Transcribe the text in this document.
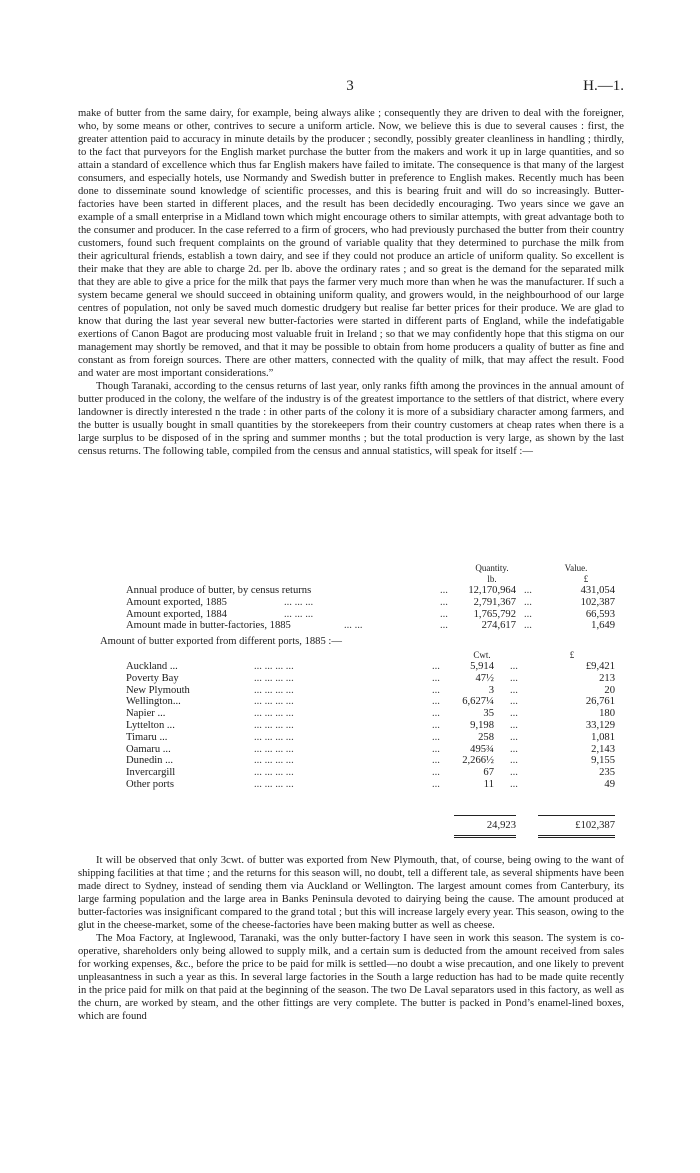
3	H.—1.

make of butter from the same dairy, for example, being always alike ; consequently they are driven to deal with the foreigner, who, by some means or other, contrives to secure a uniform article. Now, we believe this is due to several causes : first, the greater attention paid to accuracy in minute details by the producer ; secondly, possibly greater cleanliness in handling ; thirdly, to the fact that purveyors for the English market purchase the butter from the makers and work it up in large quantities, and so attain a standard of excellence which thus far English makers have failed to imitate. The consequence is that many of the largest consumers, and especially hotels, use Normandy and Swedish butter in preference to English makes. Recently much has been done to disseminate sound knowledge of scientific processes, and this is bearing fruit and will do so increasingly. Butter-factories have been started in different places, and the result has been decidedly encouraging. Two years since we gave an example of a small enterprise in a Midland town which might encourage others to similar attempts, with great advantage both to the consumer and producer. In the case referred to a firm of grocers, who had previously purchased the butter from their country customers, found such frequent complaints on the ground of variable quality that they determined to purchase the milk from their agricultural friends, establish a town dairy, and see if they could not produce an article of uniform quality. So excellent is their make that they are able to charge 2d. per lb. above the ordinary rates ; and so great is the demand for the separated milk that they are able to give a price for the milk that pays the farmer very much more than when he was the manufacturer. If such a system became general we should succeed in obtaining uniform quality, and growers would, in the neighbourhood of our large centres of population, not only be saved much domestic drudgery but realise far better prices for their produce. We are glad to know that during the last year several new butter-factories were started in different parts of England, while the indefatigable exertions of Canon Bagot are producing most valuable fruit in Ireland ; so that we may confidently hope that this stigma on our management may shortly be removed, and that it may be possible to obtain from home producers a quality of butter as fine and constant as from foreign sources. There are other matters, connected with the quality of milk, that may affect the result. Food and water are most important considerations.”

Though Taranaki, according to the census returns of last year, only ranks fifth among the provinces in the annual amount of butter produced in the colony, the welfare of the industry is of the greatest importance to the settlers of that district, where every landowner is directly interested n the trade : in other parts of the colony it is more of a subsidiary character among farmers, and the butter is usually bought in small quantities by the storekeepers from their country customers at cheap rates when there is a large surplus to be disposed of in the spring and summer months ; but the total production is very large, as shown by the last census returns. The following table, compiled from the census and annual statistics, will speak for itself :—

Quantity.	Value.
lb.	£
Annual produce of butter, by census returns	...	12,170,964 ...	431,054
Amount exported, 1885	... ... ...	...	2,791,367 ...	102,387
Amount exported, 1884	... ... ...	...	1,765,792 ...	66,593
Amount made in butter-factories, 1885	... ...	...	274,617 ...	1,649
Amount of butter exported from different ports, 1885 :—
Cwt.	£
Auckland ...	... ... ... ...	...	5,914 ...	£9,421
Poverty Bay	... ... ... ...	...	47½ ...	213
New Plymouth	... ... ... ...	...	3 ...	20
Wellington...	... ... ... ...	...	6,627¼ ...	26,761
Napier ...	... ... ... ...	...	35 ...	180
Lyttelton ...	... ... ... ...	...	9,198 ...	33,129
Timaru ...	... ... ... ...	...	258 ...	1,081
Oamaru ...	... ... ... ...	...	495¾ ...	2,143
Dunedin ...	... ... ... ...	...	2,266½ ...	9,155
Invercargill	... ... ... ...	...	67 ...	235
Other ports	... ... ... ...	...	11 ...	49
24,923	£102,387

It will be observed that only 3cwt. of butter was exported from New Plymouth, that, of course, being owing to the want of shipping facilities at that time ; and the returns for this season will, no doubt, tell a different tale, as several shipments have been made direct to Sydney, instead of sending them via Auckland or Wellington. The largest amount comes from Canterbury, its large farming population and the large area in Banks Peninsula devoted to dairying being the cause. The amount produced at butter-factories was insignificant compared to the grand total ; but this will increase largely every year. This season, owing to the glut in the cheese-market, some of the cheese-factories have been making butter as well as cheese.

The Moa Factory, at Inglewood, Taranaki, was the only butter-factory I have seen in work this season. The system is co-operative, shareholders only being allowed to supply milk, and a certain sum is deducted from the amount received from sales for working expenses, &c., before the price to be paid for milk is settled—no doubt a wise precaution, and one likely to prevent unpleasantness in such a year as this. In several large factories in the South a large reduction has had to be made quite recently in the price paid for milk on that paid at the beginning of the season. The two De Laval separators used in this factory, as well as the churn, are worked by steam, and the other fittings are very complete. The butter is packed in Pond’s enamel-lined boxes, which are found
